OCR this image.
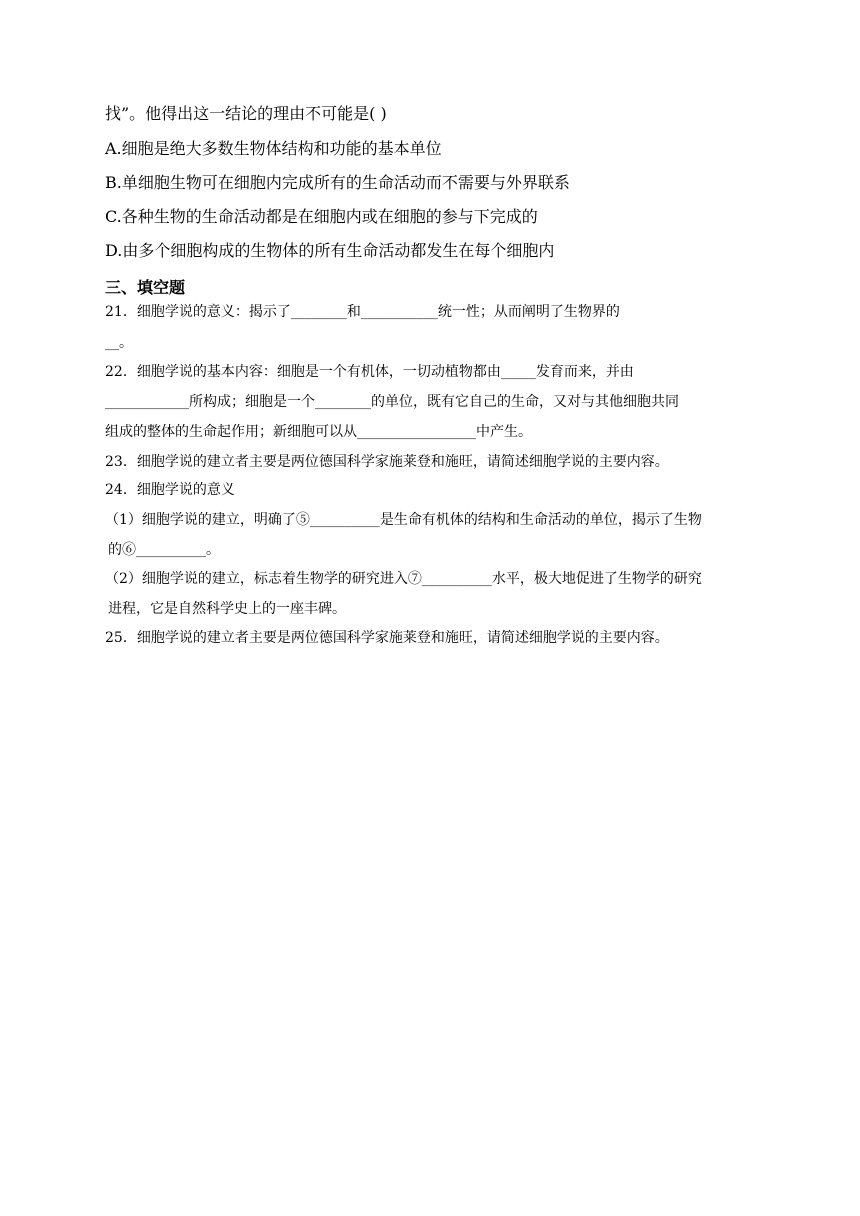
找”。他得出这一结论的理由不可能是( )
A.细胞是绝大多数生物体结构和功能的基本单位
B.单细胞生物可在细胞内完成所有的生命活动而不需要与外界联系
C.各种生物的生命活动都是在细胞内或在细胞的参与下完成的
D.由多个细胞构成的生物体的所有生命活动都发生在每个细胞内
三、填空题
21．细胞学说的意义：揭示了________和___________统一性；从而阐明了生物界的
__。
22．细胞学说的基本内容：细胞是一个有机体，一切动植物都由_____发育而来，并由
____________所构成；细胞是一个________的单位，既有它自己的生命，又对与其他细胞共同
组成的整体的生命起作用；新细胞可以从_________________中产生。
23．细胞学说的建立者主要是两位德国科学家施莱登和施旺，请简述细胞学说的主要内容。
24．细胞学说的意义
（1）细胞学说的建立，明确了⑤__________是生命有机体的结构和生命活动的单位，揭示了生物
的⑥__________。
（2）细胞学说的建立，标志着生物学的研究进入⑦__________水平，极大地促进了生物学的研究
进程，它是自然科学史上的一座丰碑。
25．细胞学说的建立者主要是两位德国科学家施莱登和施旺，请简述细胞学说的主要内容。
